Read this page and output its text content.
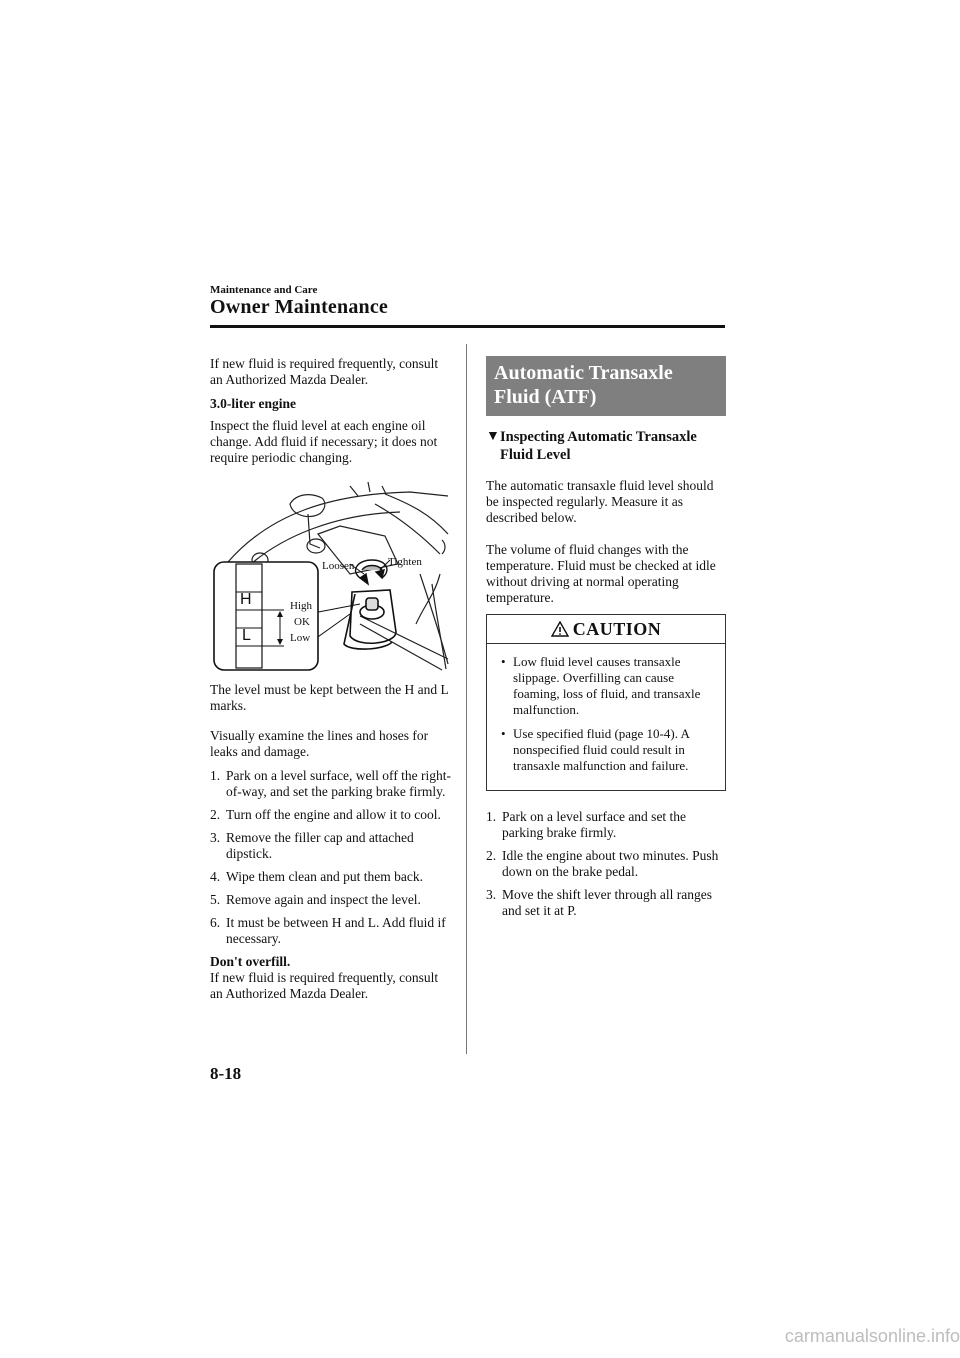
Maintenance and Care
Owner Maintenance

If new fluid is required frequently, consult an Authorized Mazda Dealer.

3.0-liter engine

Inspect the fluid level at each engine oil change. Add fluid if necessary; it does not require periodic changing.

H
L
High
OK
Low
Loosen	Tighten

The level must be kept between the H and L marks.

Visually examine the lines and hoses for leaks and damage.

1. Park on a level surface, well off the right-of-way, and set the parking brake firmly.
2. Turn off the engine and allow it to cool.
3. Remove the filler cap and attached dipstick.
4. Wipe them clean and put them back.
5. Remove again and inspect the level.
6. It must be between H and L. Add fluid if necessary.

Don't overfill.

If new fluid is required frequently, consult an Authorized Mazda Dealer.

Automatic Transaxle Fluid (ATF)
▼ Inspecting Automatic Transaxle Fluid Level

The automatic transaxle fluid level should be inspected regularly. Measure it as described below.

The volume of fluid changes with the temperature. Fluid must be checked at idle without driving at normal operating temperature.

CAUTION
• Low fluid level causes transaxle slippage. Overfilling can cause foaming, loss of fluid, and transaxle malfunction.
• Use specified fluid (page 10-4). A nonspecified fluid could result in transaxle malfunction and failure.
1. Park on a level surface and set the parking brake firmly.
2. Idle the engine about two minutes. Push down on the brake pedal.
3. Move the shift lever through all ranges and set it at P.
8-18
carmanualsonline.info
